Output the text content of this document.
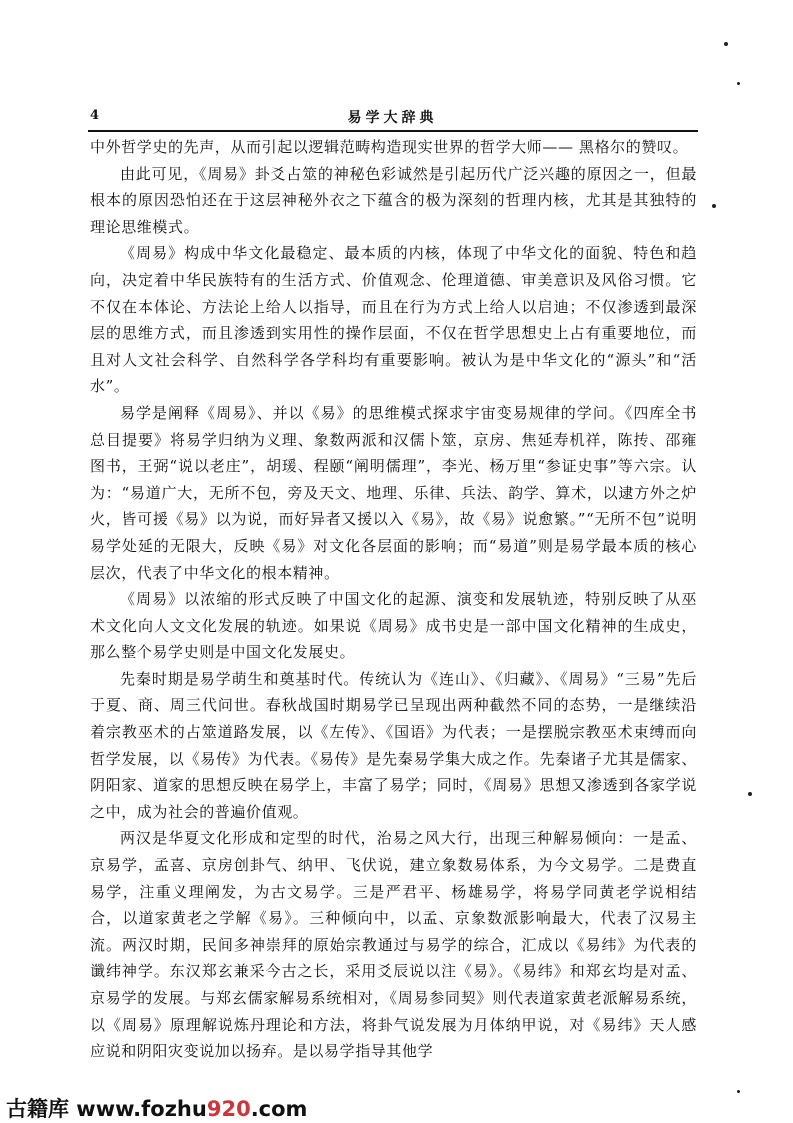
4	易学大辞典

中外哲学史的先声，从而引起以逻辑范畴构造现实世界的哲学大师—— 黑格尔的赞叹。

由此可见，《周易》卦爻占筮的神秘色彩诚然是引起历代广泛兴趣的原因之一，但最根本的原因恐怕还在于这层神秘外衣之下蕴含的极为深刻的哲理内核，尤其是其独特的理论思维模式。

《周易》构成中华文化最稳定、最本质的内核，体现了中华文化的面貌、特色和趋向，决定着中华民族特有的生活方式、价值观念、伦理道德、审美意识及风俗习惯。它不仅在本体论、方法论上给人以指导，而且在行为方式上给人以启迪；不仅渗透到最深层的思维方式，而且渗透到实用性的操作层面，不仅在哲学思想史上占有重要地位，而且对人文社会科学、自然科学各学科均有重要影响。被认为是中华文化的“源头”和“活水”。

易学是阐释《周易》、并以《易》的思维模式探求宇宙变易规律的学问。《四库全书总目提要》将易学归纳为义理、象数两派和汉儒卜筮，京房、焦延寿机祥，陈抟、邵雍图书，王弼“说以老庄”，胡瑗、程颐“阐明儒理”，李光、杨万里“参证史事”等六宗。认为：“易道广大，无所不包，旁及天文、地理、乐律、兵法、韵学、算术，以逮方外之炉火，皆可援《易》以为说，而好异者又援以入《易》，故《易》说愈繁。”“无所不包”说明易学处延的无限大，反映《易》对文化各层面的影响；而“易道”则是易学最本质的核心层次，代表了中华文化的根本精神。

《周易》以浓缩的形式反映了中国文化的起源、演变和发展轨迹，特别反映了从巫术文化向人文文化发展的轨迹。如果说《周易》成书史是一部中国文化精神的生成史，那么整个易学史则是中国文化发展史。

先秦时期是易学萌生和奠基时代。传统认为《连山》、《归藏》、《周易》“三易”先后于夏、商、周三代问世。春秋战国时期易学已呈现出两种截然不同的态势，一是继续沿着宗教巫术的占筮道路发展，以《左传》、《国语》为代表；一是摆脱宗教巫术束缚而向哲学发展，以《易传》为代表。《易传》是先秦易学集大成之作。先秦诸子尤其是儒家、阴阳家、道家的思想反映在易学上，丰富了易学；同时，《周易》思想又渗透到各家学说之中，成为社会的普遍价值观。

两汉是华夏文化形成和定型的时代，治易之风大行，出现三种解易倾向：一是孟、京易学，孟喜、京房创卦气、纳甲、飞伏说，建立象数易体系，为今文易学。二是费直易学，注重义理阐发，为古文易学。三是严君平、杨雄易学，将易学同黄老学说相结合，以道家黄老之学解《易》。三种倾向中，以孟、京象数派影响最大，代表了汉易主流。两汉时期，民间多神崇拜的原始宗教通过与易学的综合，汇成以《易纬》为代表的谶纬神学。东汉郑玄兼采今古之长，采用爻辰说以注《易》。《易纬》和郑玄均是对孟、京易学的发展。与郑玄儒家解易系统相对，《周易参同契》则代表道家黄老派解易系统，以《周易》原理解说炼丹理论和方法，将卦气说发展为月体纳甲说，对《易纬》天人感应说和阴阳灾变说加以扬弃。是以易学指导其他学

古籍库 www.fozhu920.com
